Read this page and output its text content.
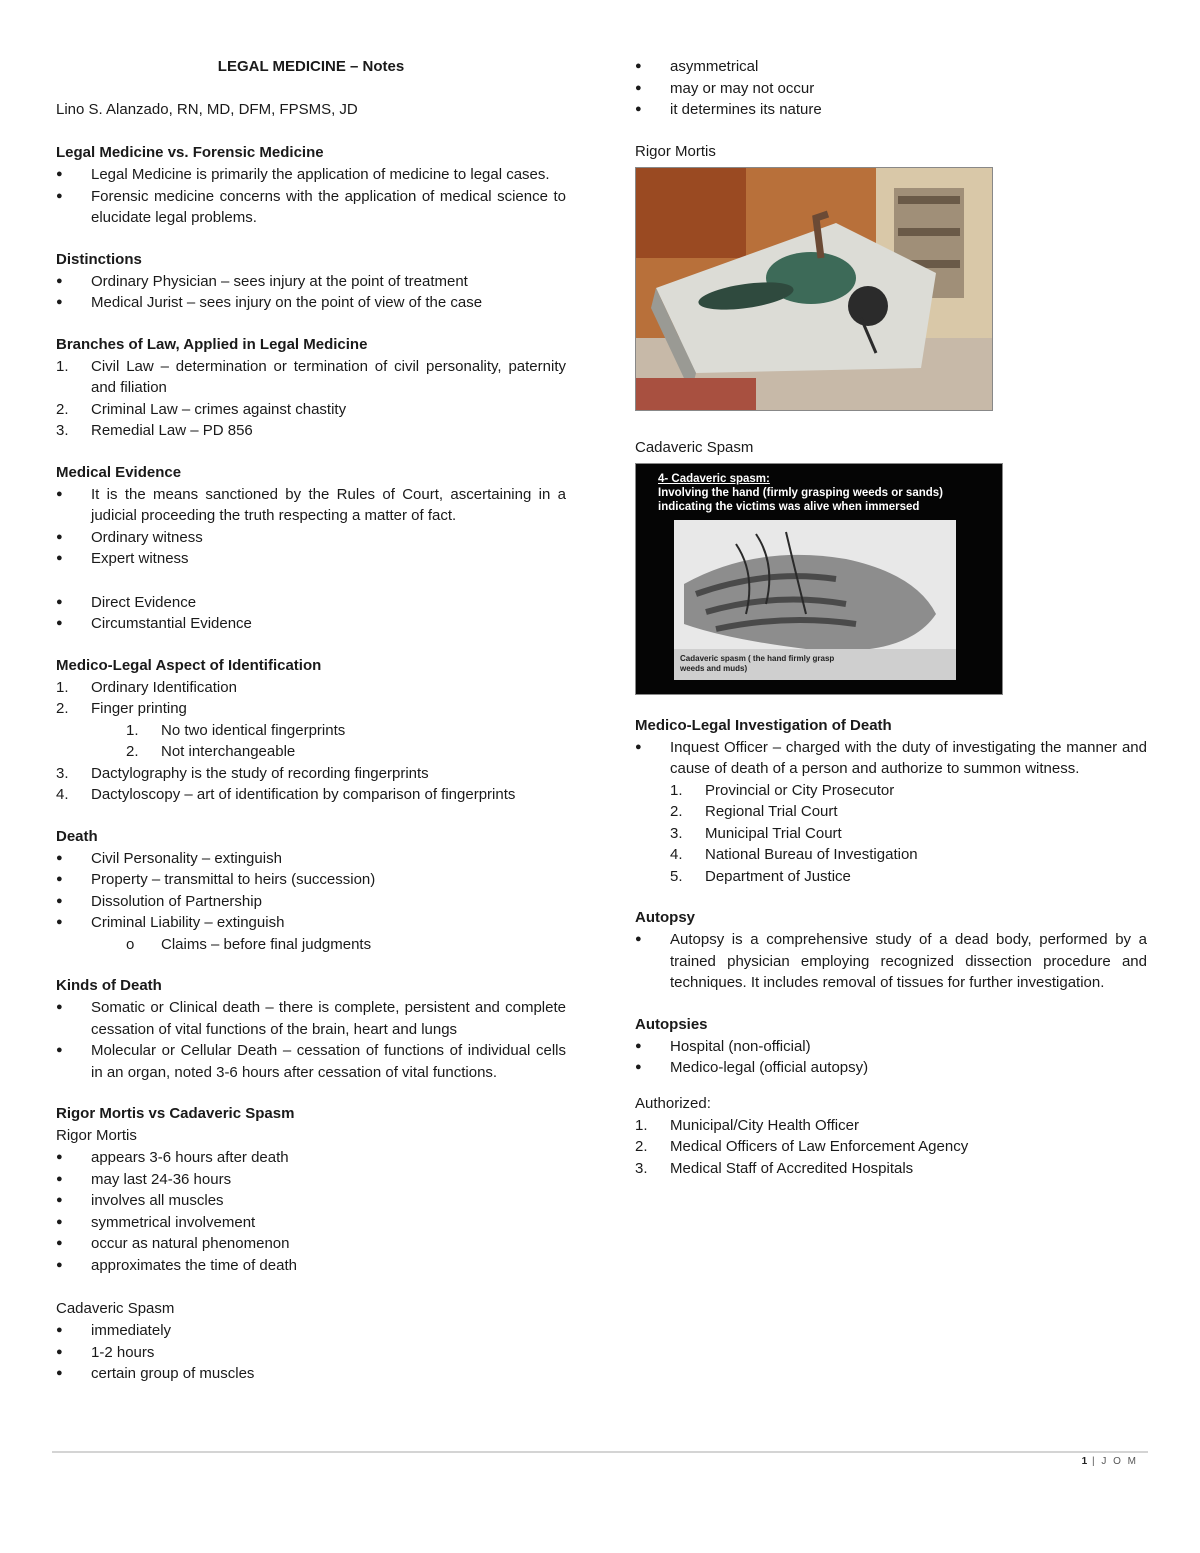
LEGAL MEDICINE – Notes
Lino S. Alanzado, RN, MD, DFM, FPSMS, JD
Legal Medicine vs. Forensic Medicine
●	Legal Medicine is primarily the application of medicine to legal cases.
●	Forensic medicine concerns with the application of medical science to elucidate legal problems.
Distinctions
●	Ordinary Physician – sees injury at the point of treatment
●	Medical Jurist – sees injury on the point of view of the case
Branches of Law, Applied in Legal Medicine
1.	Civil Law – determination or termination of civil personality, paternity and filiation
2.	Criminal Law – crimes against chastity
3.	Remedial Law – PD 856
Medical Evidence
●	It is the means sanctioned by the Rules of Court, ascertaining in a judicial proceeding the truth respecting a matter of fact.
●	Ordinary witness
●	Expert witness
●	Direct Evidence
●	Circumstantial Evidence
Medico-Legal Aspect of Identification
1.	Ordinary Identification
2.	Finger printing
1. No two identical fingerprints
2. Not interchangeable
3.	Dactylography is the study of recording fingerprints
4.	Dactyloscopy – art of identification by comparison of fingerprints
Death
●	Civil Personality – extinguish
●	Property – transmittal to heirs (succession)
●	Dissolution of Partnership
●	Criminal Liability – extinguish
o Claims – before final judgments
Kinds of Death
●	Somatic or Clinical death – there is complete, persistent and complete cessation of vital functions of the brain, heart and lungs
●	Molecular or Cellular Death – cessation of functions of individual cells in an organ, noted 3-6 hours after cessation of vital functions.
Rigor Mortis vs Cadaveric Spasm
Rigor Mortis
●	appears 3-6 hours after death
●	may last 24-36 hours
●	involves all muscles
●	symmetrical involvement
●	occur as natural phenomenon
●	approximates the time of death
Cadaveric Spasm
●	immediately
●	1-2 hours
●	certain group of muscles
●	asymmetrical
●	may or may not occur
●	it determines its nature
Rigor Mortis
Cadaveric Spasm
4- Cadaveric spasm:
Involving the hand (firmly grasping weeds or sands)
indicating the victims was alive when immersed
Cadaveric spasm ( the hand firmly grasp
weeds and muds)
Medico-Legal Investigation of Death
●	Inquest Officer – charged with the duty of investigating the manner and cause of death of a person and authorize to summon witness.
1. Provincial or City Prosecutor
2. Regional Trial Court
3. Municipal Trial Court
4. National Bureau of Investigation
5. Department of Justice
Autopsy
●	Autopsy is a comprehensive study of a dead body, performed by a trained physician employing recognized dissection procedure and techniques. It includes removal of tissues for further investigation.
Autopsies
●	Hospital (non-official)
●	Medico-legal (official autopsy)
Authorized:
1.	Municipal/City Health Officer
2.	Medical Officers of Law Enforcement Agency
3.	Medical Staff of Accredited Hospitals
1 | J O M
